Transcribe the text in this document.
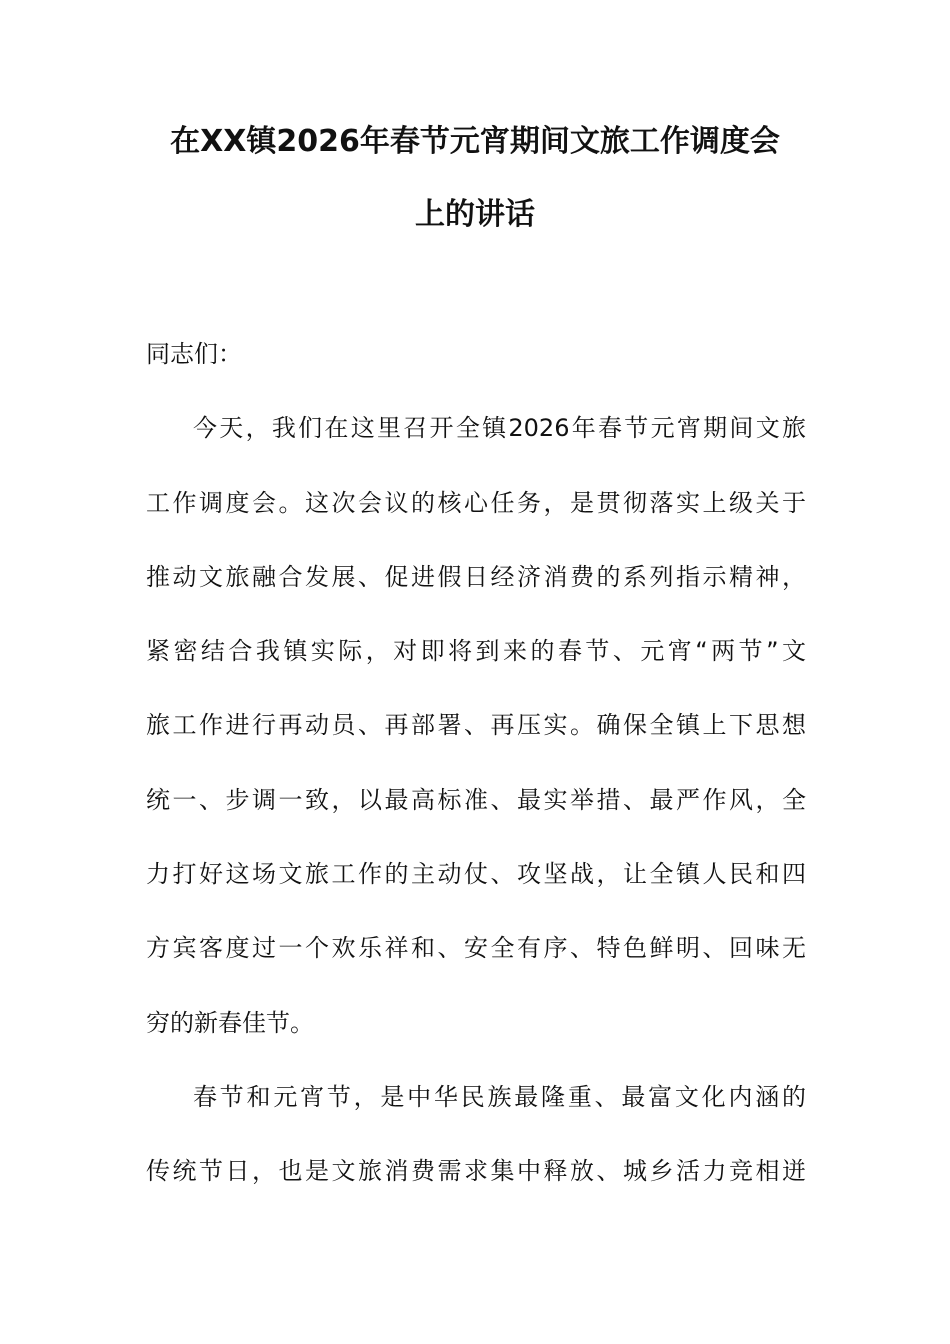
在XX镇2026年春节元宵期间文旅工作调度会
上的讲话
同志们：
今天，我们在这里召开全镇2026年春节元宵期间文旅
工作调度会。这次会议的核心任务，是贯彻落实上级关于
推动文旅融合发展、促进假日经济消费的系列指示精神，
紧密结合我镇实际，对即将到来的春节、元宵“两节”文
旅工作进行再动员、再部署、再压实。确保全镇上下思想
统一、步调一致，以最高标准、最实举措、最严作风，全
力打好这场文旅工作的主动仗、攻坚战，让全镇人民和四
方宾客度过一个欢乐祥和、安全有序、特色鲜明、回味无
穷的新春佳节。
春节和元宵节，是中华民族最隆重、最富文化内涵的
传统节日，也是文旅消费需求集中释放、城乡活力竞相迸
